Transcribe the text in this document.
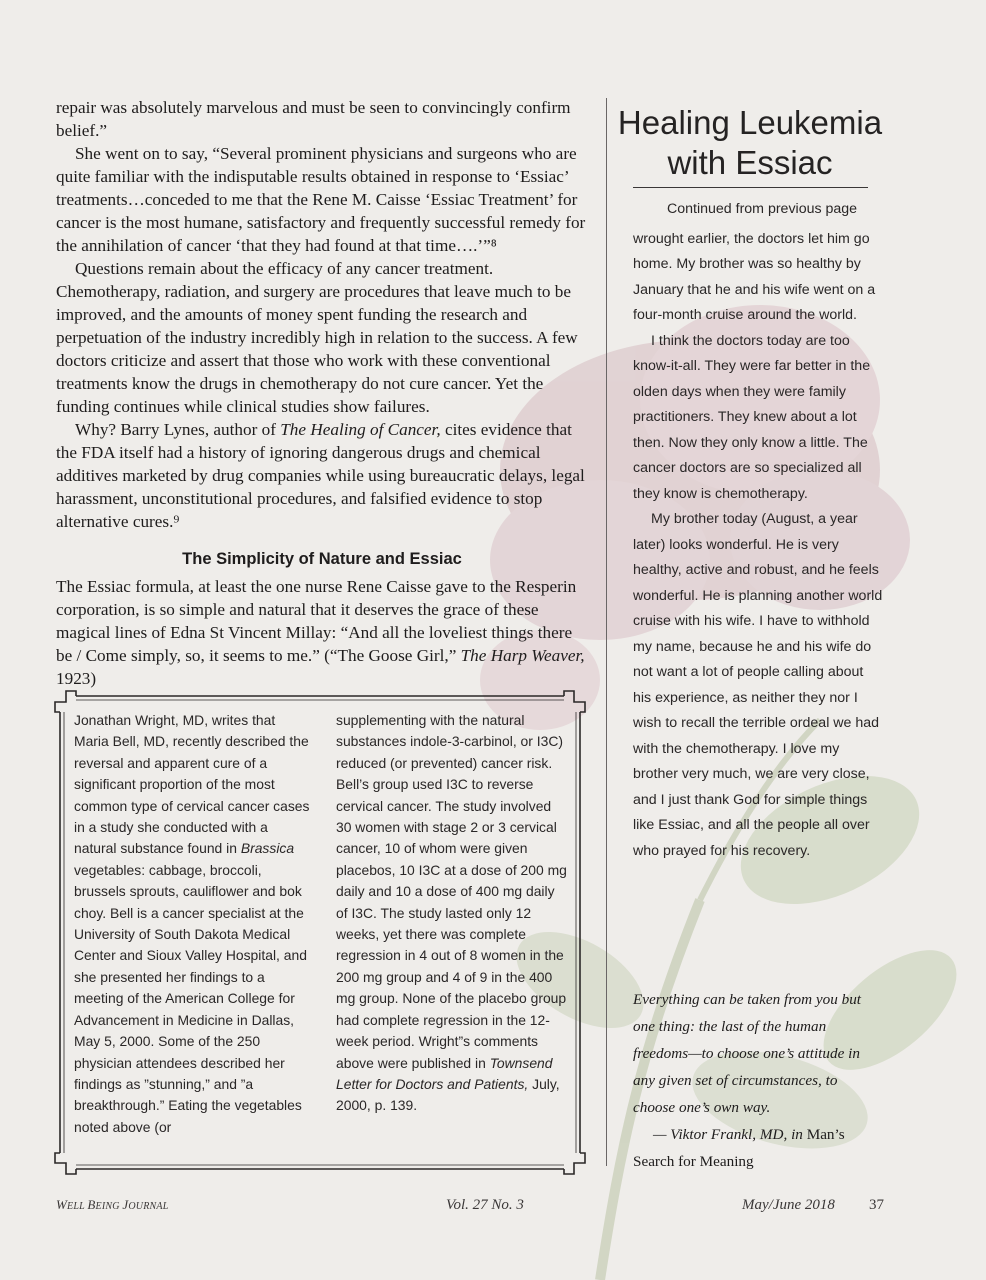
repair was absolutely marvelous and must be seen to convincingly confirm belief.”

She went on to say, “Several prominent physicians and surgeons who are quite familiar with the indisputable results obtained in response to ‘Essiac’ treatments…conceded to me that the Rene M. Caisse ‘Essiac Treatment’ for cancer is the most humane, satisfactory and frequently successful remedy for the annihilation of cancer ‘that they had found at that time….’”⁸

Questions remain about the efficacy of any cancer treatment. Chemotherapy, radiation, and surgery are procedures that leave much to be improved, and the amounts of money spent funding the research and perpetuation of the industry incredibly high in relation to the success. A few doctors criticize and assert that those who work with these conventional treatments know the drugs in chemotherapy do not cure cancer. Yet the funding continues while clinical studies show failures.

Why? Barry Lynes, author of The Healing of Cancer, cites evidence that the FDA itself had a history of ignoring dangerous drugs and chemical additives marketed by drug companies while using bureaucratic delays, legal harassment, unconstitutional procedures, and falsified evidence to stop alternative cures.⁹

The Simplicity of Nature and Essiac

The Essiac formula, at least the one nurse Rene Caisse gave to the Resperin corporation, is so simple and natural that it deserves the grace of these magical lines of Edna St Vincent Millay: “And all the loveliest things there be / Come simply, so, it seems to me.” (“The Goose Girl,” The Harp Weaver, 1923)

Jonathan Wright, MD, writes that Maria Bell, MD, recently described the reversal and apparent cure of a significant proportion of the most common type of cervical cancer cases in a study she conducted with a natural substance found in Brassica vegetables: cabbage, broccoli, brussels sprouts, cauliflower and bok choy. Bell is a cancer specialist at the University of South Dakota Medical Center and Sioux Valley Hospital, and she presented her findings to a meeting of the American College for Advancement in Medicine in Dallas, May 5, 2000. Some of the 250 physician attendees described her findings as ”stunning,” and ”a breakthrough.” Eating the vegetables noted above (or
supplementing with the natural substances indole-3-carbinol, or I3C) reduced (or prevented) cancer risk. Bell’s group used I3C to reverse cervical cancer. The study involved 30 women with stage 2 or 3 cervical cancer, 10 of whom were given placebos, 10 I3C at a dose of 200 mg daily and 10 a dose of 400 mg daily of I3C. The study lasted only 12 weeks, yet there was complete regression in 4 out of 8 women in the 200 mg group and 4 of 9 in the 400 mg group. None of the placebo group had complete regression in the 12-week period. Wright”s comments above were published in Townsend Letter for Doctors and Patients, July, 2000, p. 139.
Healing Leukemia
with Essiac

Continued from previous page

wrought earlier, the doctors let him go home. My brother was so healthy by January that he and his wife went on a four-month cruise around the world.

I think the doctors today are too know-it-all. They were far better in the olden days when they were family practitioners. They knew about a lot then. Now they only know a little. The cancer doctors are so specialized all they know is chemotherapy.

My brother today (August, a year later) looks wonderful. He is very healthy, active and robust, and he feels wonderful. He is planning another world cruise with his wife. I have to withhold my name, because he and his wife do not want a lot of people calling about his experience, as neither they nor I wish to recall the terrible ordeal we had with the chemotherapy. I love my brother very much, we are very close, and I just thank God for simple things like Essiac, and all the people all over who prayed for his recovery.

Everything can be taken from you but one thing: the last of the human freedoms—to choose one’s attitude in any given set of circumstances, to choose one’s own way.

— Viktor Frankl, MD, in Man’s Search for Meaning

WELL BEING JOURNAL	Vol. 27 No. 3	May/June 2018 37
